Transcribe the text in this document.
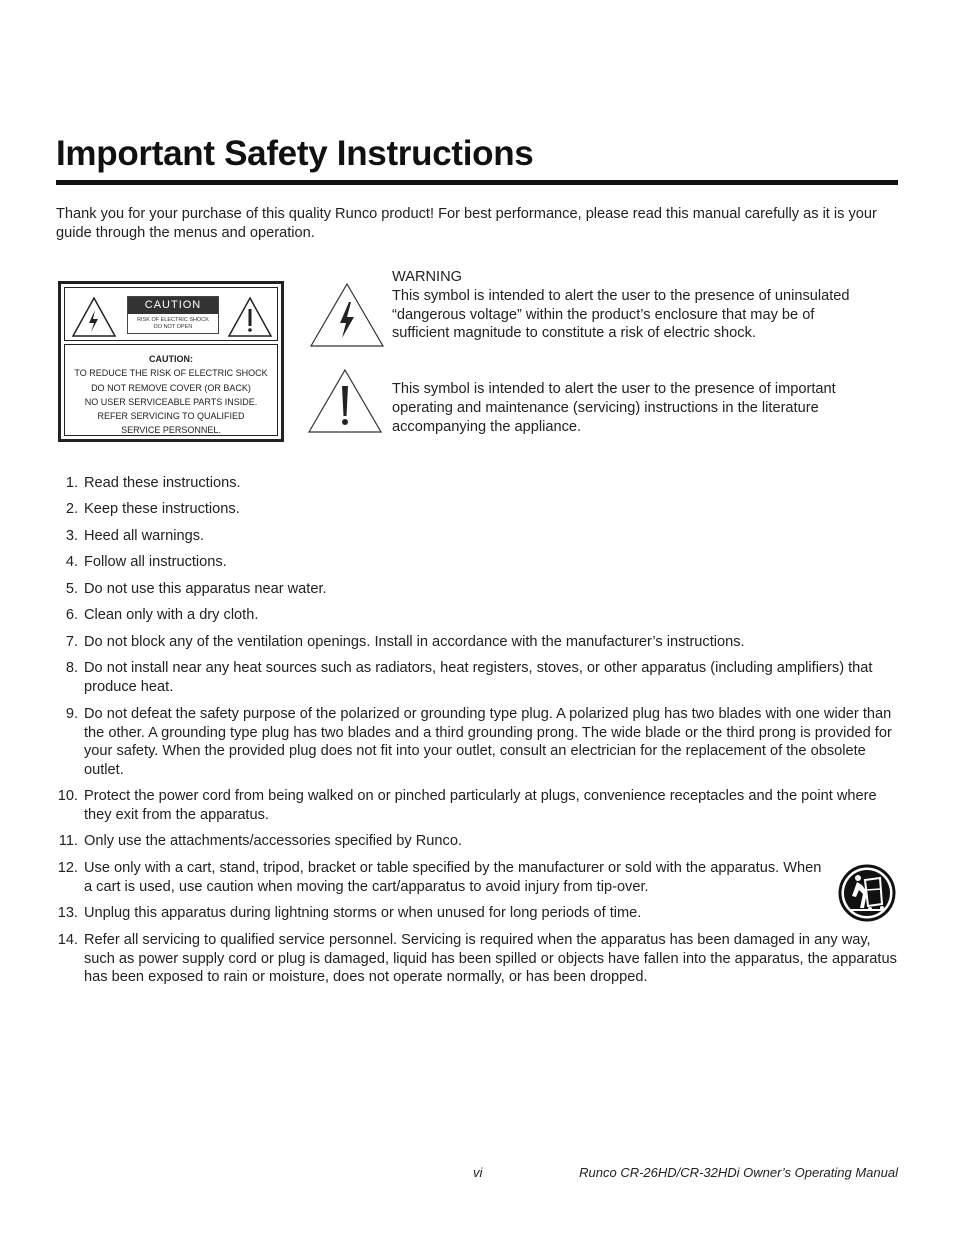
Important Safety Instructions

Thank you for your purchase of this quality Runco product! For best performance, please read this manual carefully as it is your guide through the menus and operation.

CAUTION
RISK OF ELECTRIC SHOCK
DO NOT OPEN
CAUTION:
TO REDUCE THE RISK OF ELECTRIC SHOCK
DO NOT REMOVE COVER (OR BACK)
NO USER SERVICEABLE PARTS INSIDE.
REFER SERVICING TO QUALIFIED
SERVICE PERSONNEL.

WARNING
This symbol is intended to alert the user to the presence of uninsulated “dangerous voltage” within the product’s enclosure that may be of sufficient magnitude to constitute a risk of electric shock.

This symbol is intended to alert the user to the presence of important operating and maintenance (servicing) instructions in the literature accompanying the appliance.

1. Read these instructions.
2. Keep these instructions.
3. Heed all warnings.
4. Follow all instructions.
5. Do not use this apparatus near water.
6. Clean only with a dry cloth.
7. Do not block any of the ventilation openings. Install in accordance with the manufacturer’s instructions.
8. Do not install near any heat sources such as radiators, heat registers, stoves, or other apparatus (including amplifiers) that produce heat.
9. Do not defeat the safety purpose of the polarized or grounding type plug. A polarized plug has two blades with one wider than the other. A grounding type plug has two blades and a third grounding prong. The wide blade or the third prong is provided for your safety. When the provided plug does not fit into your outlet, consult an electrician for the replacement of the obsolete outlet.
10. Protect the power cord from being walked on or pinched particularly at plugs, convenience receptacles and the point where they exit from the apparatus.
11. Only use the attachments/accessories specified by Runco.
12. Use only with a cart, stand, tripod, bracket or table specified by the manufacturer or sold with the apparatus. When a cart is used, use caution when moving the cart/apparatus to avoid injury from tip-over.
13. Unplug this apparatus during lightning storms or when unused for long periods of time.
14. Refer all servicing to qualified service personnel. Servicing is required when the apparatus has been damaged in any way, such as power supply cord or plug is damaged, liquid has been spilled or objects have fallen into the apparatus, the apparatus has been exposed to rain or moisture, does not operate normally, or has been dropped.
vi	Runco CR-26HD/CR-32HDi Owner’s Operating Manual
